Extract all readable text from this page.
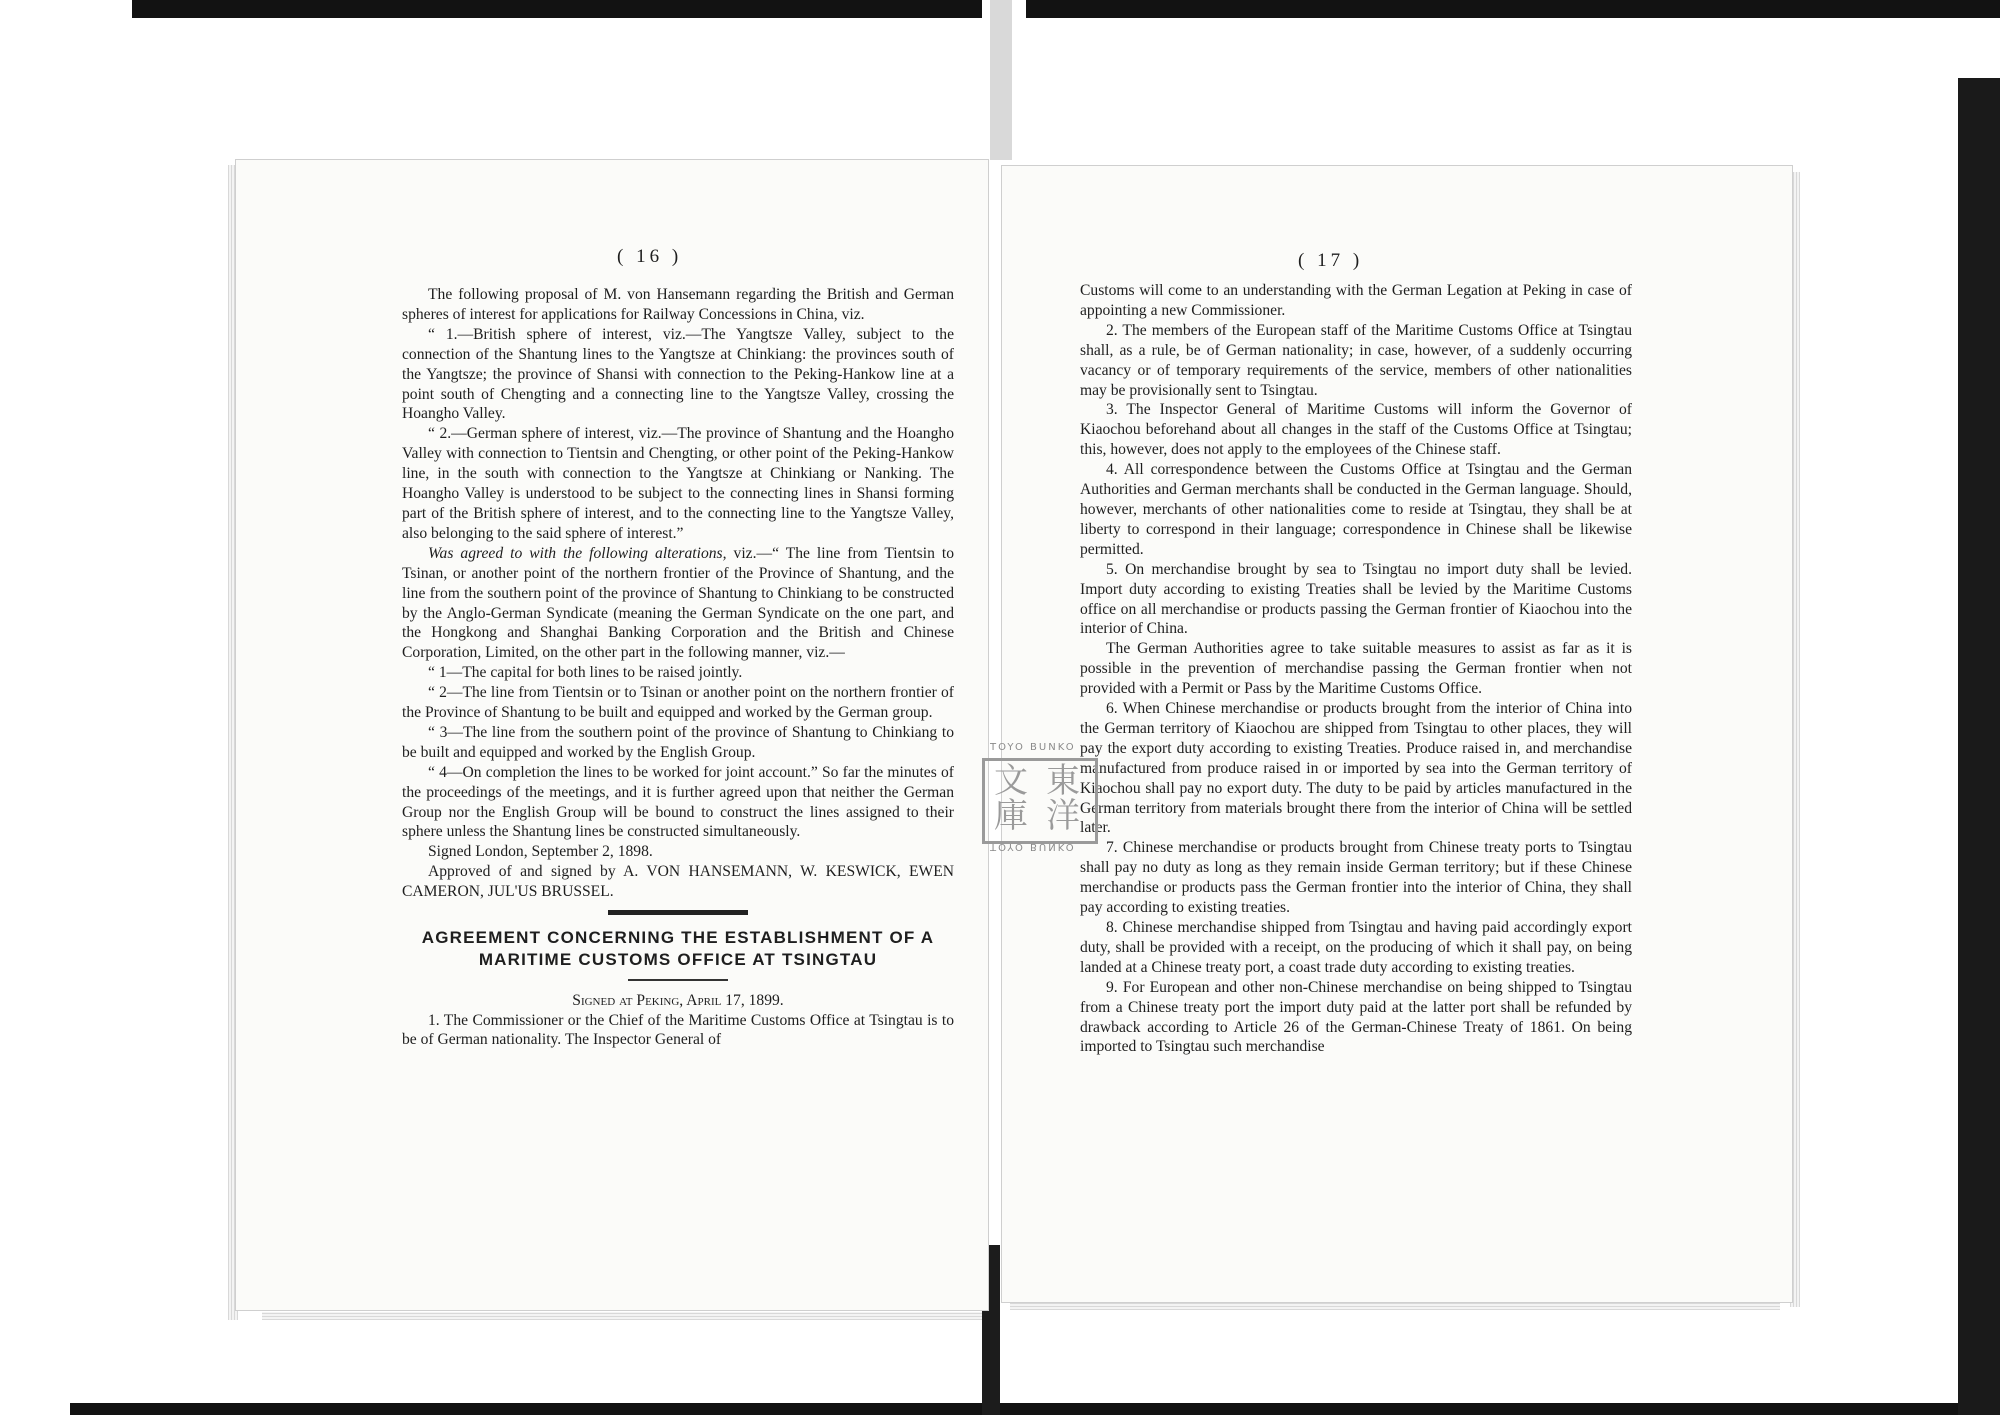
( 16 )

The following proposal of M. von Hansemann regarding the British and German spheres of interest for applications for Railway Concessions in China, viz.

“ 1.—British sphere of interest, viz.—The Yangtsze Valley, subject to the connection of the Shantung lines to the Yangtsze at Chinkiang: the provinces south of the Yangtsze; the province of Shansi with connection to the Peking-Hankow line at a point south of Chengting and a connecting line to the Yangtsze Valley, crossing the Hoangho Valley.

“ 2.—German sphere of interest, viz.—The province of Shantung and the Hoangho Valley with connection to Tientsin and Chengting, or other point of the Peking-Hankow line, in the south with connection to the Yangtsze at Chinkiang or Nanking. The Hoangho Valley is understood to be subject to the connecting lines in Shansi forming part of the British sphere of interest, and to the connecting line to the Yangtsze Valley, also belonging to the said sphere of interest.”

Was agreed to with the following alterations, viz.—“ The line from Tientsin to Tsinan, or another point of the northern frontier of the Province of Shantung, and the line from the southern point of the province of Shantung to Chinkiang to be constructed by the Anglo-German Syndicate (meaning the German Syndicate on the one part, and the Hongkong and Shanghai Banking Corporation and the British and Chinese Corporation, Limited, on the other part in the following manner, viz.—

“ 1—The capital for both lines to be raised jointly.

“ 2—The line from Tientsin or to Tsinan or another point on the northern frontier of the Province of Shantung to be built and equipped and worked by the German group.

“ 3—The line from the southern point of the province of Shantung to Chinkiang to be built and equipped and worked by the English Group.

“ 4—On completion the lines to be worked for joint account.” So far the minutes of the proceedings of the meetings, and it is further agreed upon that neither the German Group nor the English Group will be bound to construct the lines assigned to their sphere unless the Shantung lines be constructed simultaneously.

Signed London, September 2, 1898.

Approved of and signed by A. VON HANSEMANN, W. KESWICK, EWEN CAMERON, JUL'US BRUSSEL.

AGREEMENT CONCERNING THE ESTABLISHMENT OF A MARITIME CUSTOMS OFFICE AT TSINGTAU

Signed at Peking, April 17, 1899.

1. The Commissioner or the Chief of the Maritime Customs Office at Tsingtau is to be of German nationality. The Inspector General of

( 17 )

Customs will come to an understanding with the German Legation at Peking in case of appointing a new Commissioner.

2. The members of the European staff of the Maritime Customs Office at Tsingtau shall, as a rule, be of German nationality; in case, however, of a suddenly occurring vacancy or of temporary requirements of the service, members of other nationalities may be provisionally sent to Tsingtau.

3. The Inspector General of Maritime Customs will inform the Governor of Kiaochou beforehand about all changes in the staff of the Customs Office at Tsingtau; this, however, does not apply to the employees of the Chinese staff.

4. All correspondence between the Customs Office at Tsingtau and the German Authorities and German merchants shall be conducted in the German language. Should, however, merchants of other nationalities come to reside at Tsingtau, they shall be at liberty to correspond in their language; correspondence in Chinese shall be likewise permitted.

5. On merchandise brought by sea to Tsingtau no import duty shall be levied. Import duty according to existing Treaties shall be levied by the Maritime Customs office on all merchandise or products passing the German frontier of Kiaochou into the interior of China.

The German Authorities agree to take suitable measures to assist as far as it is possible in the prevention of merchandise passing the German frontier when not provided with a Permit or Pass by the Maritime Customs Office.

6. When Chinese merchandise or products brought from the interior of China into the German territory of Kiaochou are shipped from Tsingtau to other places, they will pay the export duty according to existing Treaties. Produce raised in, and merchandise manufactured from produce raised in or imported by sea into the German territory of Kiaochou shall pay no export duty. The duty to be paid by articles manufactured in the German territory from materials brought there from the interior of China will be settled later.

7. Chinese merchandise or products brought from Chinese treaty ports to Tsingtau shall pay no duty as long as they remain inside German territory; but if these Chinese merchandise or products pass the German frontier into the interior of China, they shall pay according to existing treaties.

8. Chinese merchandise shipped from Tsingtau and having paid accordingly export duty, shall be provided with a receipt, on the producing of which it shall pay, on being landed at a Chinese treaty port, a coast trade duty according to existing treaties.

9. For European and other non-Chinese merchandise on being shipped to Tsingtau from a Chinese treaty port the import duty paid at the latter port shall be refunded by drawback according to Article 26 of the German-Chinese Treaty of 1861. On being imported to Tsingtau such merchandise

TOYO BUNKO
東
洋
文
庫
TOYO BUNKO
